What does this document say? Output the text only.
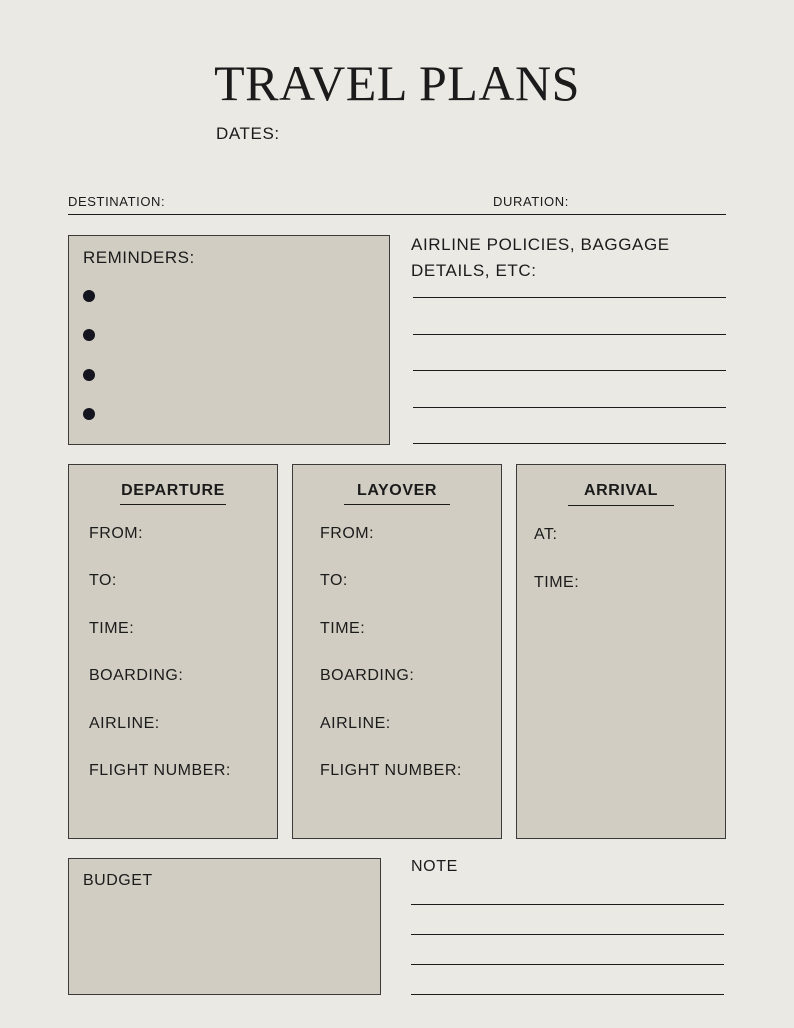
TRAVEL PLANS
DATES:
DESTINATION:	DURATION:
REMINDERS:
AIRLINE POLICIES, BAGGAGE
DETAILS, ETC:
DEPARTURE
FROM:
TO:
TIME:
BOARDING:
AIRLINE:
FLIGHT NUMBER:
LAYOVER
FROM:
TO:
TIME:
BOARDING:
AIRLINE:
FLIGHT NUMBER:
ARRIVAL
AT:
TIME:
BUDGET
NOTE
